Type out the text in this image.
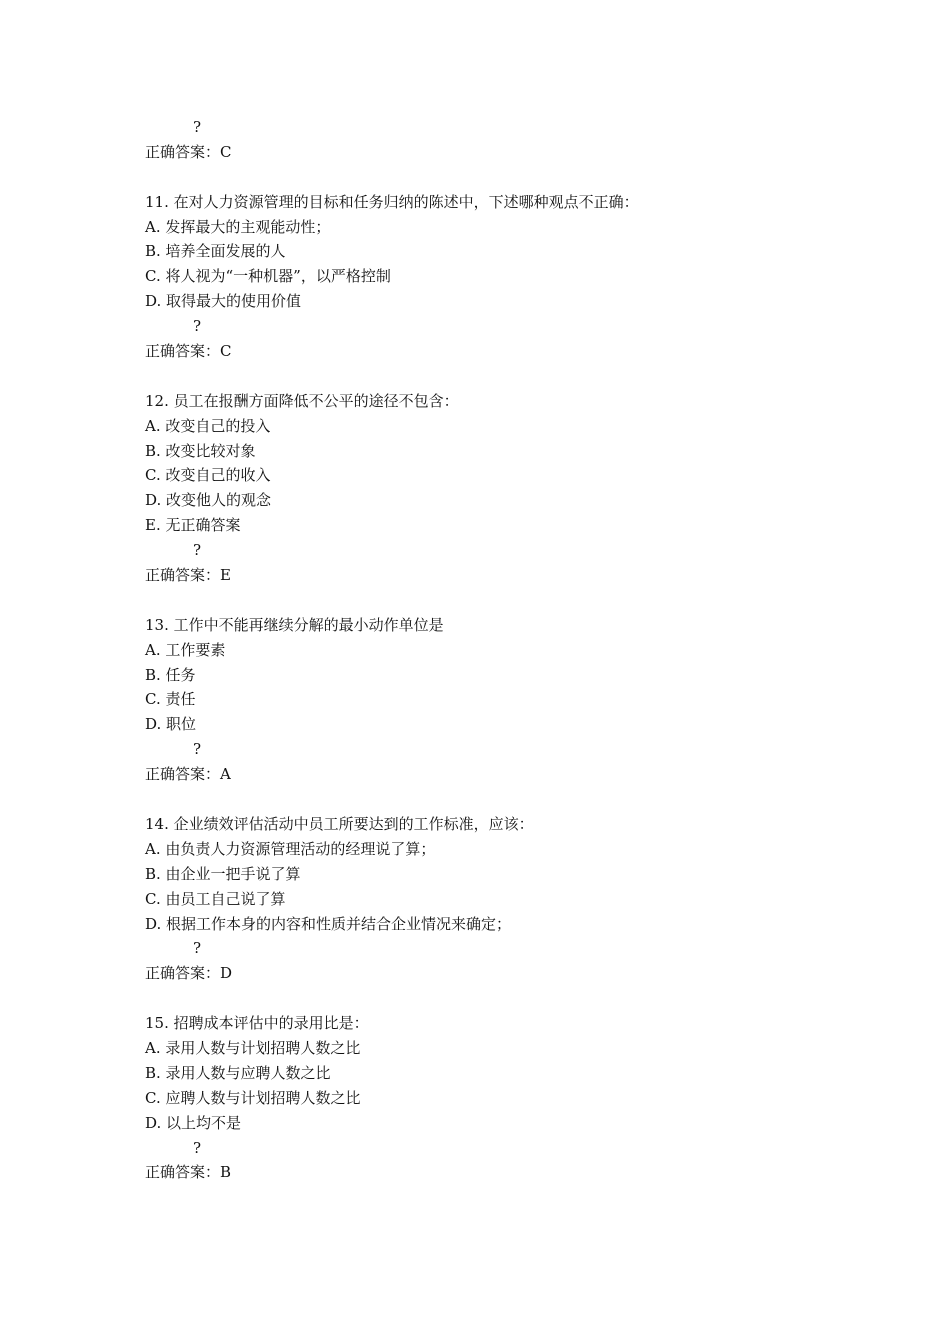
?
正确答案：C
11. 在对人力资源管理的目标和任务归纳的陈述中，下述哪种观点不正确：
A. 发挥最大的主观能动性；
B. 培养全面发展的人
C. 将人视为“一种机器”，以严格控制
D. 取得最大的使用价值
?
正确答案：C
12. 员工在报酬方面降低不公平的途径不包含：
A. 改变自己的投入
B. 改变比较对象
C. 改变自己的收入
D. 改变他人的观念
E. 无正确答案
?
正确答案：E
13. 工作中不能再继续分解的最小动作单位是
A. 工作要素
B. 任务
C. 责任
D. 职位
?
正确答案：A
14. 企业绩效评估活动中员工所要达到的工作标准，应该：
A. 由负责人力资源管理活动的经理说了算；
B. 由企业一把手说了算
C. 由员工自己说了算
D. 根据工作本身的内容和性质并结合企业情况来确定；
?
正确答案：D
15. 招聘成本评估中的录用比是：
A. 录用人数与计划招聘人数之比
B. 录用人数与应聘人数之比
C. 应聘人数与计划招聘人数之比
D. 以上均不是
?
正确答案：B
